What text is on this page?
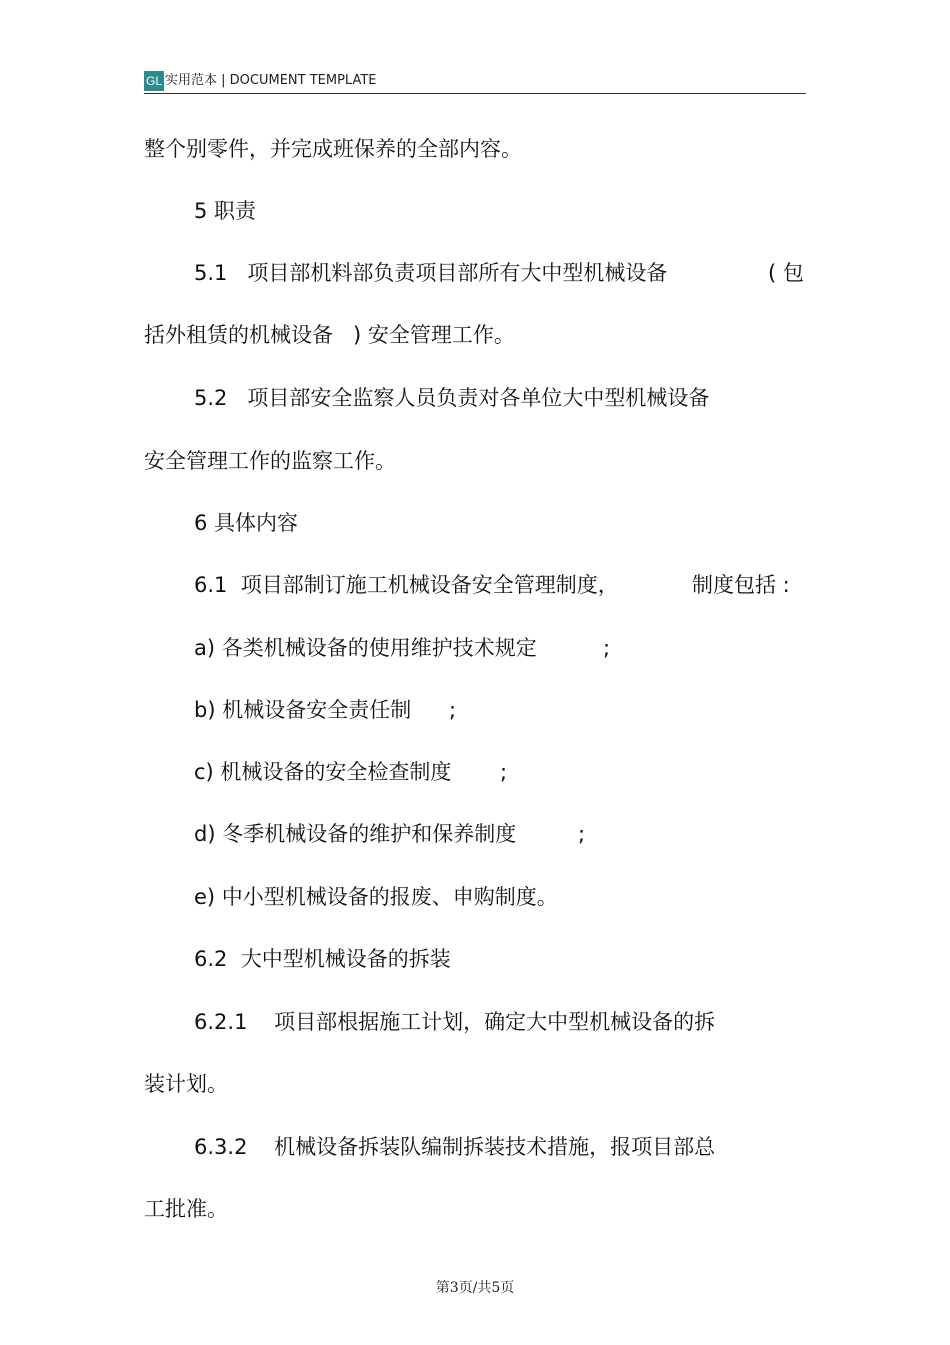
GL 实用范本 | DOCUMENT TEMPLATE
整个别零件，并完成班保养的全部内容。
5 职责
5.1   项目部机料部负责项目部所有大中型机械设备	( 包
括外租赁的机械设备   ) 安全管理工作。
5.2   项目部安全监察人员负责对各单位大中型机械设备
安全管理工作的监察工作。
6 具体内容
6.1  项目部制订施工机械设备安全管理制度，	制度包括 :
a) 各类机械设备的使用维护技术规定	;
b) 机械设备安全责任制 ;
c) 机械设备的安全检查制度 ;
d) 冬季机械设备的维护和保养制度	;
e) 中小型机械设备的报废、申购制度。
6.2  大中型机械设备的拆装
6.2.1    项目部根据施工计划，确定大中型机械设备的拆
装计划。
6.3.2    机械设备拆装队编制拆装技术措施，报项目部总
工批准。
第3页/共5页
